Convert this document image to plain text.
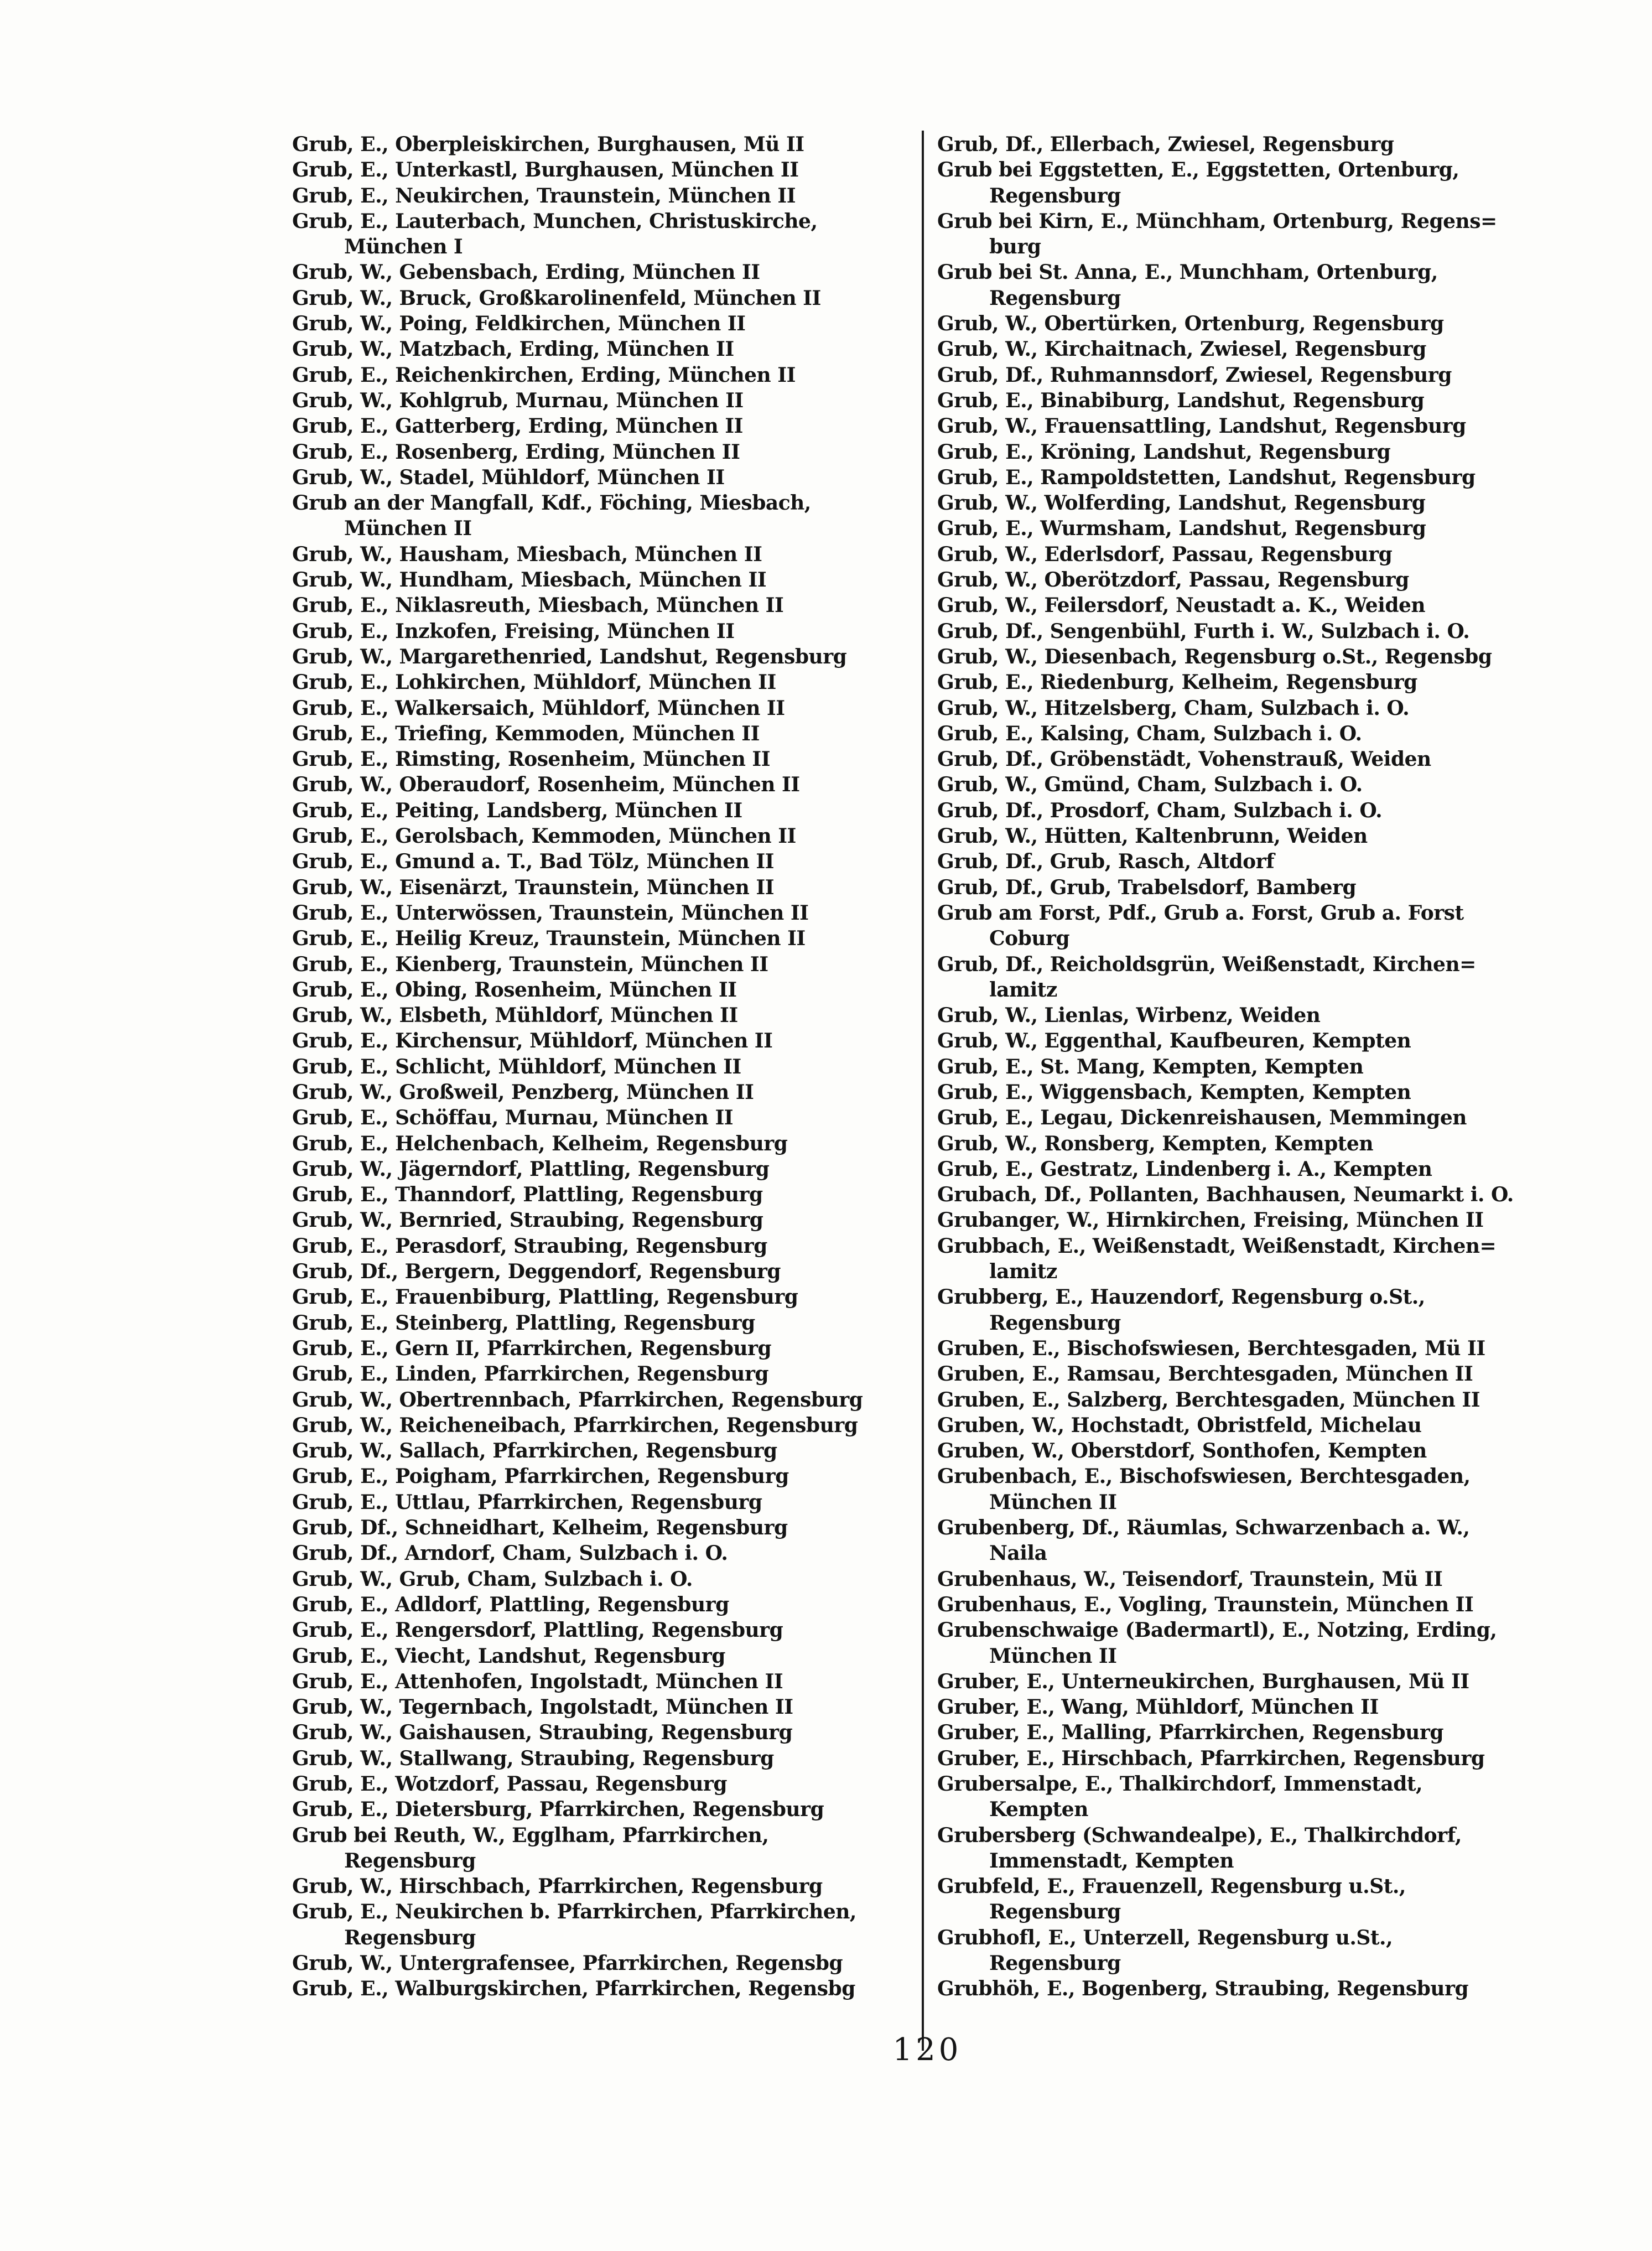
Grub, E., Oberpleiskirchen, Burghausen, Mü II
Grub, E., Unterkastl, Burghausen, München II
Grub, E., Neukirchen, Traunstein, München II
Grub, E., Lauterbach, Munchen, Christuskirche,
München I
Grub, W., Gebensbach, Erding, München II
Grub, W., Bruck, Großkarolinenfeld, München II
Grub, W., Poing, Feldkirchen, München II
Grub, W., Matzbach, Erding, München II
Grub, E., Reichenkirchen, Erding, München II
Grub, W., Kohlgrub, Murnau, München II
Grub, E., Gatterberg, Erding, München II
Grub, E., Rosenberg, Erding, München II
Grub, W., Stadel, Mühldorf, München II
Grub an der Mangfall, Kdf., Föching, Miesbach,
München II
Grub, W., Hausham, Miesbach, München II
Grub, W., Hundham, Miesbach, München II
Grub, E., Niklasreuth, Miesbach, München II
Grub, E., Inzkofen, Freising, München II
Grub, W., Margarethenried, Landshut, Regensburg
Grub, E., Lohkirchen, Mühldorf, München II
Grub, E., Walkersaich, Mühldorf, München II
Grub, E., Triefing, Kemmoden, München II
Grub, E., Rimsting, Rosenheim, München II
Grub, W., Oberaudorf, Rosenheim, München II
Grub, E., Peiting, Landsberg, München II
Grub, E., Gerolsbach, Kemmoden, München II
Grub, E., Gmund a. T., Bad Tölz, München II
Grub, W., Eisenärzt, Traunstein, München II
Grub, E., Unterwössen, Traunstein, München II
Grub, E., Heilig Kreuz, Traunstein, München II
Grub, E., Kienberg, Traunstein, München II
Grub, E., Obing, Rosenheim, München II
Grub, W., Elsbeth, Mühldorf, München II
Grub, E., Kirchensur, Mühldorf, München II
Grub, E., Schlicht, Mühldorf, München II
Grub, W., Großweil, Penzberg, München II
Grub, E., Schöffau, Murnau, München II
Grub, E., Helchenbach, Kelheim, Regensburg
Grub, W., Jägerndorf, Plattling, Regensburg
Grub, E., Thanndorf, Plattling, Regensburg
Grub, W., Bernried, Straubing, Regensburg
Grub, E., Perasdorf, Straubing, Regensburg
Grub, Df., Bergern, Deggendorf, Regensburg
Grub, E., Frauenbiburg, Plattling, Regensburg
Grub, E., Steinberg, Plattling, Regensburg
Grub, E., Gern II, Pfarrkirchen, Regensburg
Grub, E., Linden, Pfarrkirchen, Regensburg
Grub, W., Obertrennbach, Pfarrkirchen, Regensburg
Grub, W., Reicheneibach, Pfarrkirchen, Regensburg
Grub, W., Sallach, Pfarrkirchen, Regensburg
Grub, E., Poigham, Pfarrkirchen, Regensburg
Grub, E., Uttlau, Pfarrkirchen, Regensburg
Grub, Df., Schneidhart, Kelheim, Regensburg
Grub, Df., Arndorf, Cham, Sulzbach i. O.
Grub, W., Grub, Cham, Sulzbach i. O.
Grub, E., Adldorf, Plattling, Regensburg
Grub, E., Rengersdorf, Plattling, Regensburg
Grub, E., Viecht, Landshut, Regensburg
Grub, E., Attenhofen, Ingolstadt, München II
Grub, W., Tegernbach, Ingolstadt, München II
Grub, W., Gaishausen, Straubing, Regensburg
Grub, W., Stallwang, Straubing, Regensburg
Grub, E., Wotzdorf, Passau, Regensburg
Grub, E., Dietersburg, Pfarrkirchen, Regensburg
Grub bei Reuth, W., Egglham, Pfarrkirchen,
Regensburg
Grub, W., Hirschbach, Pfarrkirchen, Regensburg
Grub, E., Neukirchen b. Pfarrkirchen, Pfarrkirchen,
Regensburg
Grub, W., Untergrafensee, Pfarrkirchen, Regensbg
Grub, E., Walburgskirchen, Pfarrkirchen, Regensbg
Grub, Df., Ellerbach, Zwiesel, Regensburg
Grub bei Eggstetten, E., Eggstetten, Ortenburg,
Regensburg
Grub bei Kirn, E., Münchham, Ortenburg, Regens=
burg
Grub bei St. Anna, E., Munchham, Ortenburg,
Regensburg
Grub, W., Obertürken, Ortenburg, Regensburg
Grub, W., Kirchaitnach, Zwiesel, Regensburg
Grub, Df., Ruhmannsdorf, Zwiesel, Regensburg
Grub, E., Binabiburg, Landshut, Regensburg
Grub, W., Frauensattling, Landshut, Regensburg
Grub, E., Kröning, Landshut, Regensburg
Grub, E., Rampoldstetten, Landshut, Regensburg
Grub, W., Wolferding, Landshut, Regensburg
Grub, E., Wurmsham, Landshut, Regensburg
Grub, W., Ederlsdorf, Passau, Regensburg
Grub, W., Oberötzdorf, Passau, Regensburg
Grub, W., Feilersdorf, Neustadt a. K., Weiden
Grub, Df., Sengenbühl, Furth i. W., Sulzbach i. O.
Grub, W., Diesenbach, Regensburg o.St., Regensbg
Grub, E., Riedenburg, Kelheim, Regensburg
Grub, W., Hitzelsberg, Cham, Sulzbach i. O.
Grub, E., Kalsing, Cham, Sulzbach i. O.
Grub, Df., Gröbenstädt, Vohenstrauß, Weiden
Grub, W., Gmünd, Cham, Sulzbach i. O.
Grub, Df., Prosdorf, Cham, Sulzbach i. O.
Grub, W., Hütten, Kaltenbrunn, Weiden
Grub, Df., Grub, Rasch, Altdorf
Grub, Df., Grub, Trabelsdorf, Bamberg
Grub am Forst, Pdf., Grub a. Forst, Grub a. Forst
Coburg
Grub, Df., Reicholdsgrün, Weißenstadt, Kirchen=
lamitz
Grub, W., Lienlas, Wirbenz, Weiden
Grub, W., Eggenthal, Kaufbeuren, Kempten
Grub, E., St. Mang, Kempten, Kempten
Grub, E., Wiggensbach, Kempten, Kempten
Grub, E., Legau, Dickenreishausen, Memmingen
Grub, W., Ronsberg, Kempten, Kempten
Grub, E., Gestratz, Lindenberg i. A., Kempten
Grubach, Df., Pollanten, Bachhausen, Neumarkt i. O.
Grubanger, W., Hirnkirchen, Freising, München II
Grubbach, E., Weißenstadt, Weißenstadt, Kirchen=
lamitz
Grubberg, E., Hauzendorf, Regensburg o.St.,
Regensburg
Gruben, E., Bischofswiesen, Berchtesgaden, Mü II
Gruben, E., Ramsau, Berchtesgaden, München II
Gruben, E., Salzberg, Berchtesgaden, München II
Gruben, W., Hochstadt, Obristfeld, Michelau
Gruben, W., Oberstdorf, Sonthofen, Kempten
Grubenbach, E., Bischofswiesen, Berchtesgaden,
München II
Grubenberg, Df., Räumlas, Schwarzenbach a. W.,
Naila
Grubenhaus, W., Teisendorf, Traunstein, Mü II
Grubenhaus, E., Vogling, Traunstein, München II
Grubenschwaige (Badermartl), E., Notzing, Erding,
München II
Gruber, E., Unterneukirchen, Burghausen, Mü II
Gruber, E., Wang, Mühldorf, München II
Gruber, E., Malling, Pfarrkirchen, Regensburg
Gruber, E., Hirschbach, Pfarrkirchen, Regensburg
Grubersalpe, E., Thalkirchdorf, Immenstadt,
Kempten
Grubersberg (Schwandealpe), E., Thalkirchdorf,
Immenstadt, Kempten
Grubfeld, E., Frauenzell, Regensburg u.St.,
Regensburg
Grubhofl, E., Unterzell, Regensburg u.St.,
Regensburg
Grubhöh, E., Bogenberg, Straubing, Regensburg
120
